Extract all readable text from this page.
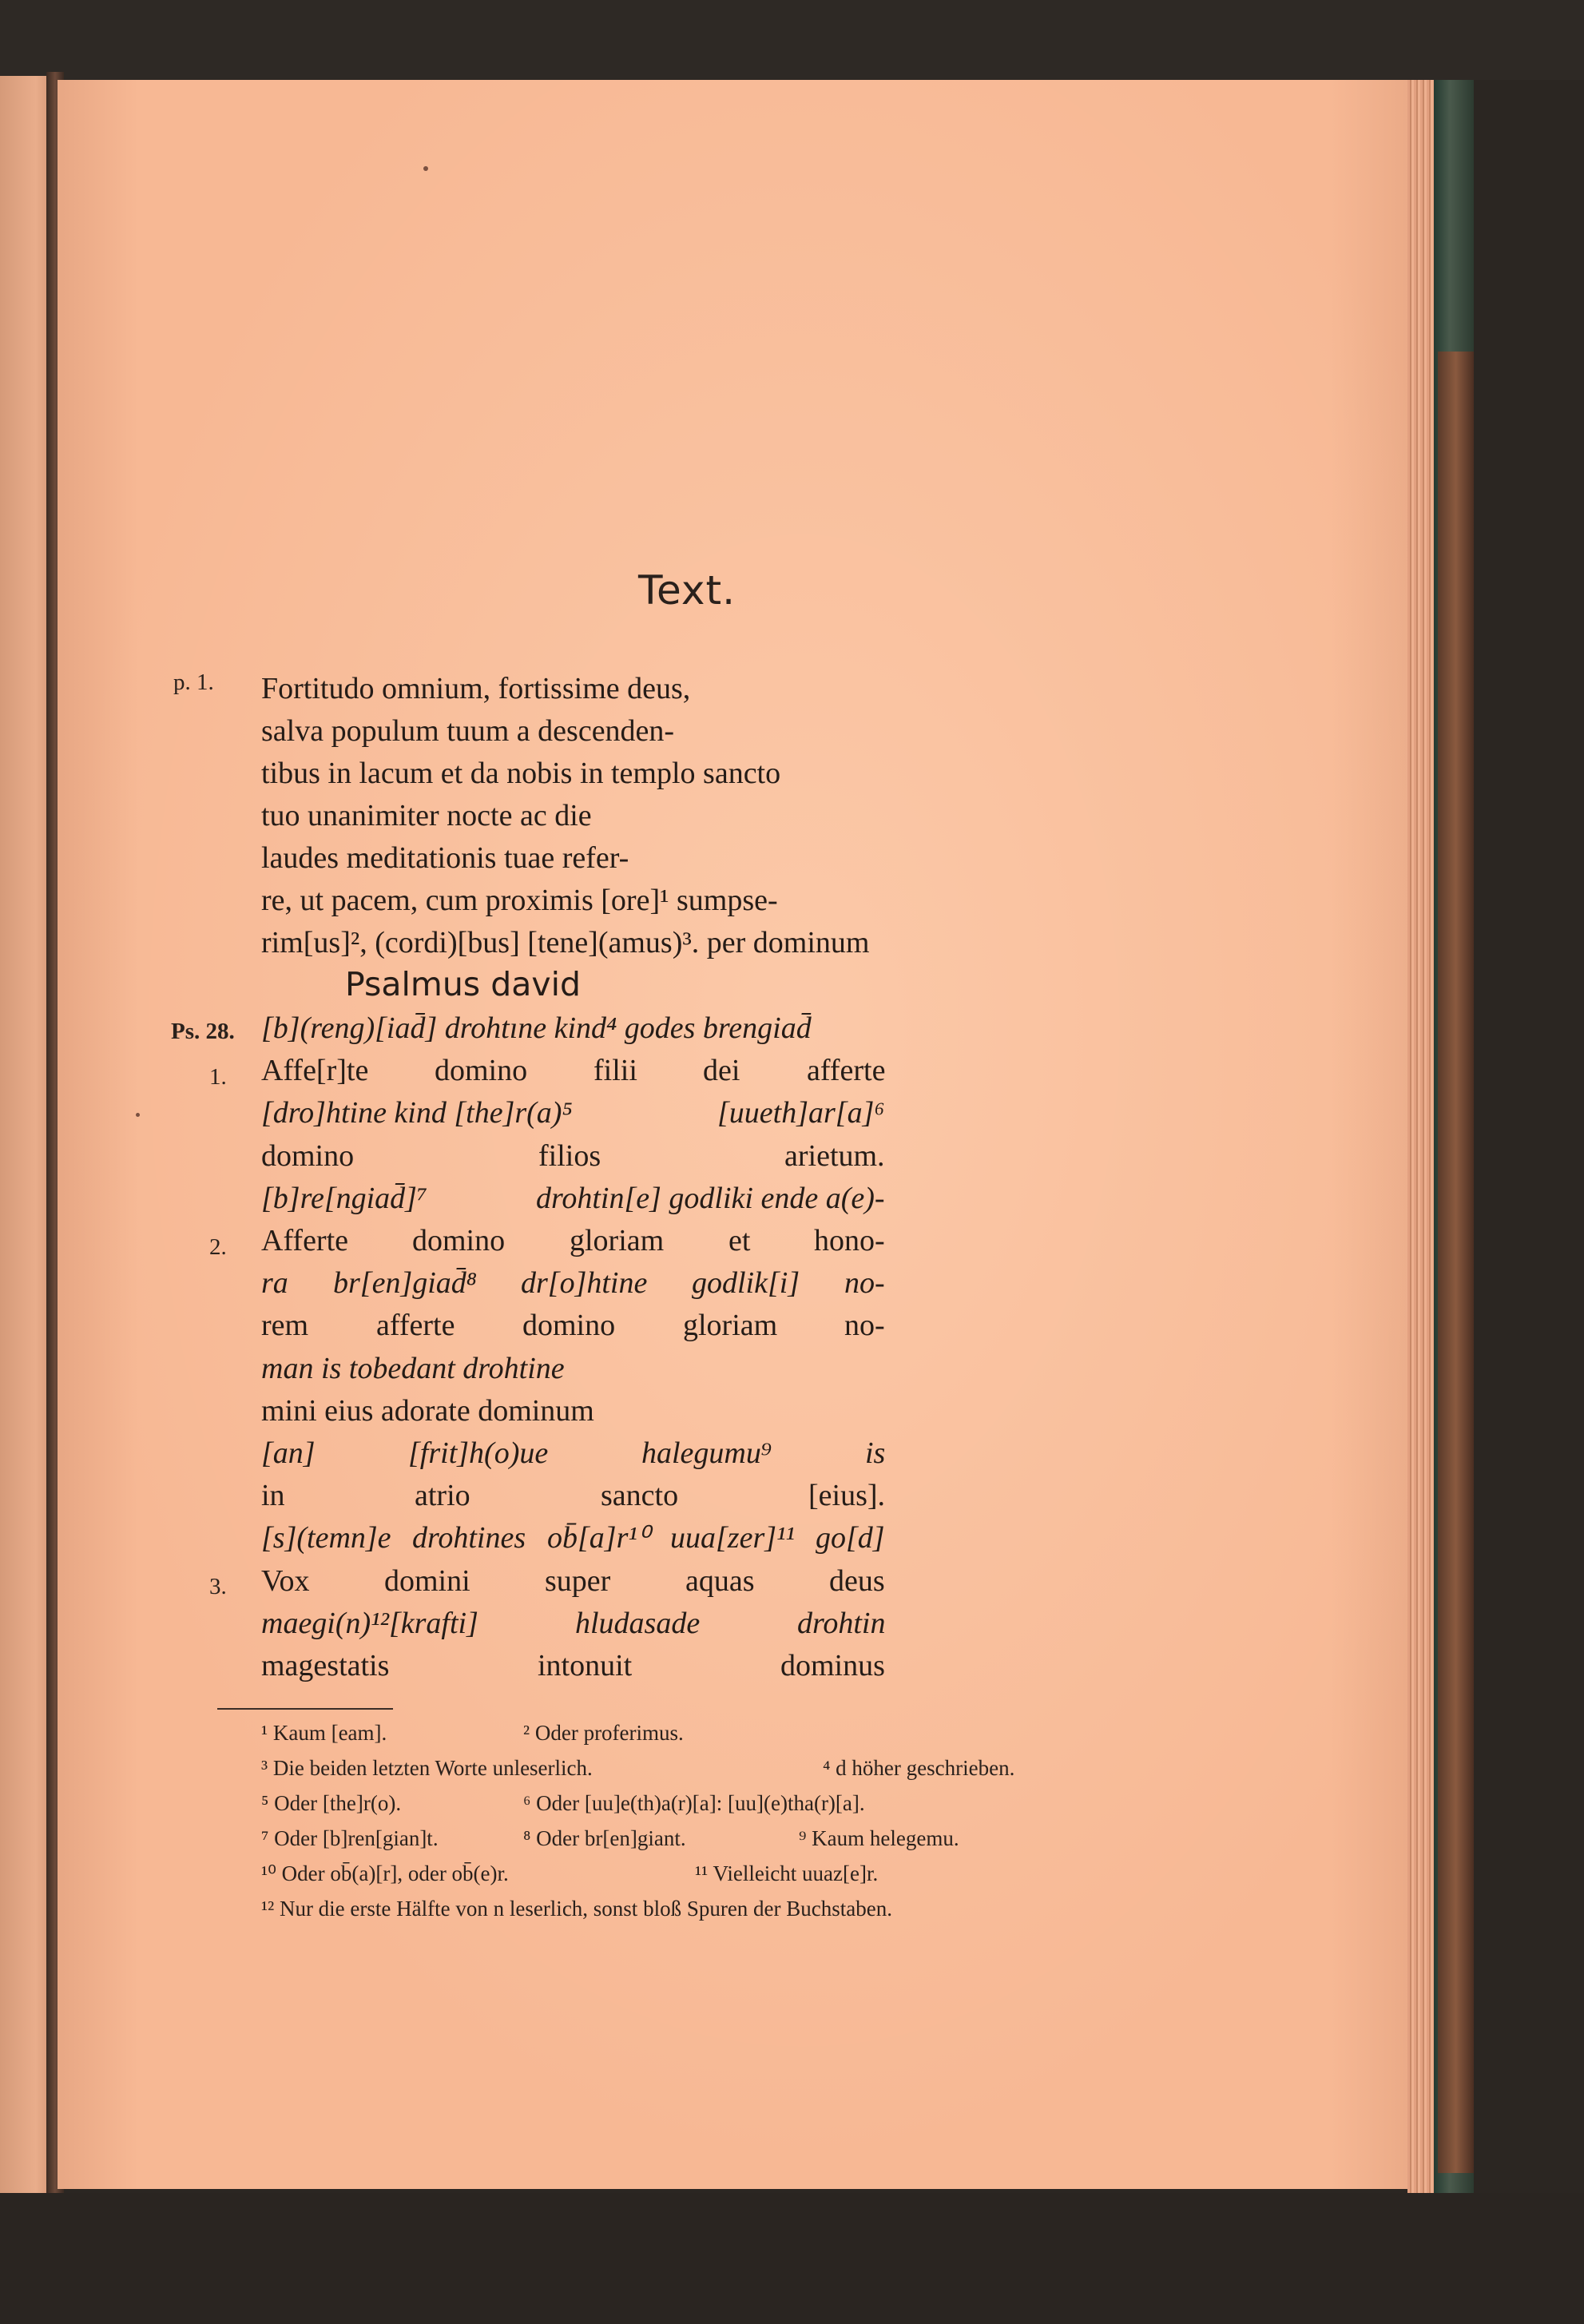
Text.
p. 1.
Psalmus david
Ps. 28.
1.
2.
3.
Fortitudo omnium, fortissime deus,
salva populum tuum a descenden-
tibus in lacum et da nobis in templo sancto
tuo unanimiter nocte ac die
laudes meditationis tuae refer-
re, ut pacem, cum proximis [ore]¹ sumpse-
rim[us]², (cordi)[bus] [tene](amus)³. per dominum
[b](reng)[iad̄] drohtıne kind⁴ godes brengiad̄
Affe[r]te domino filii dei afferte
[dro]htine kind [the]r(a)⁵	[uueth]ar[a]⁶
domino	filios	arietum.
[b]re[ngiad̄]⁷	drohtin[e] godliki ende a(e)-
Afferte domino gloriam et hono-
ra br[en]giad̄⁸ dr[o]htine godlik[i] no-
rem afferte domino gloriam no-
man is tobedant drohtine
mini eius adorate dominum
[an]	[frit]h(o)ue	halegumu⁹	is
in	atrio	sancto	[eius].
[s](temn]e drohtines ob̄[a]r¹⁰ uua[zer]¹¹ go[d]
Vox domini super aquas deus
maegi(n)¹²[krafti]	hludasade	drohtin
magestatis	intonuit	dominus
¹ Kaum [eam].	² Oder proferimus.
³ Die beiden letzten Worte unleserlich.	⁴ d höher geschrieben.
⁵ Oder [the]r(o).	⁶ Oder [uu]e(th)a(r)[a]: [uu](e)tha(r)[a].
⁷ Oder [b]ren[gian]t.	⁸ Oder br[en]giant.	⁹ Kaum helegemu.
¹⁰ Oder ob̄(a)[r], oder ob̄(e)r.	¹¹ Vielleicht uuaz[e]r.
¹² Nur die erste Hälfte von n leserlich, sonst bloß Spuren der Buchstaben.
